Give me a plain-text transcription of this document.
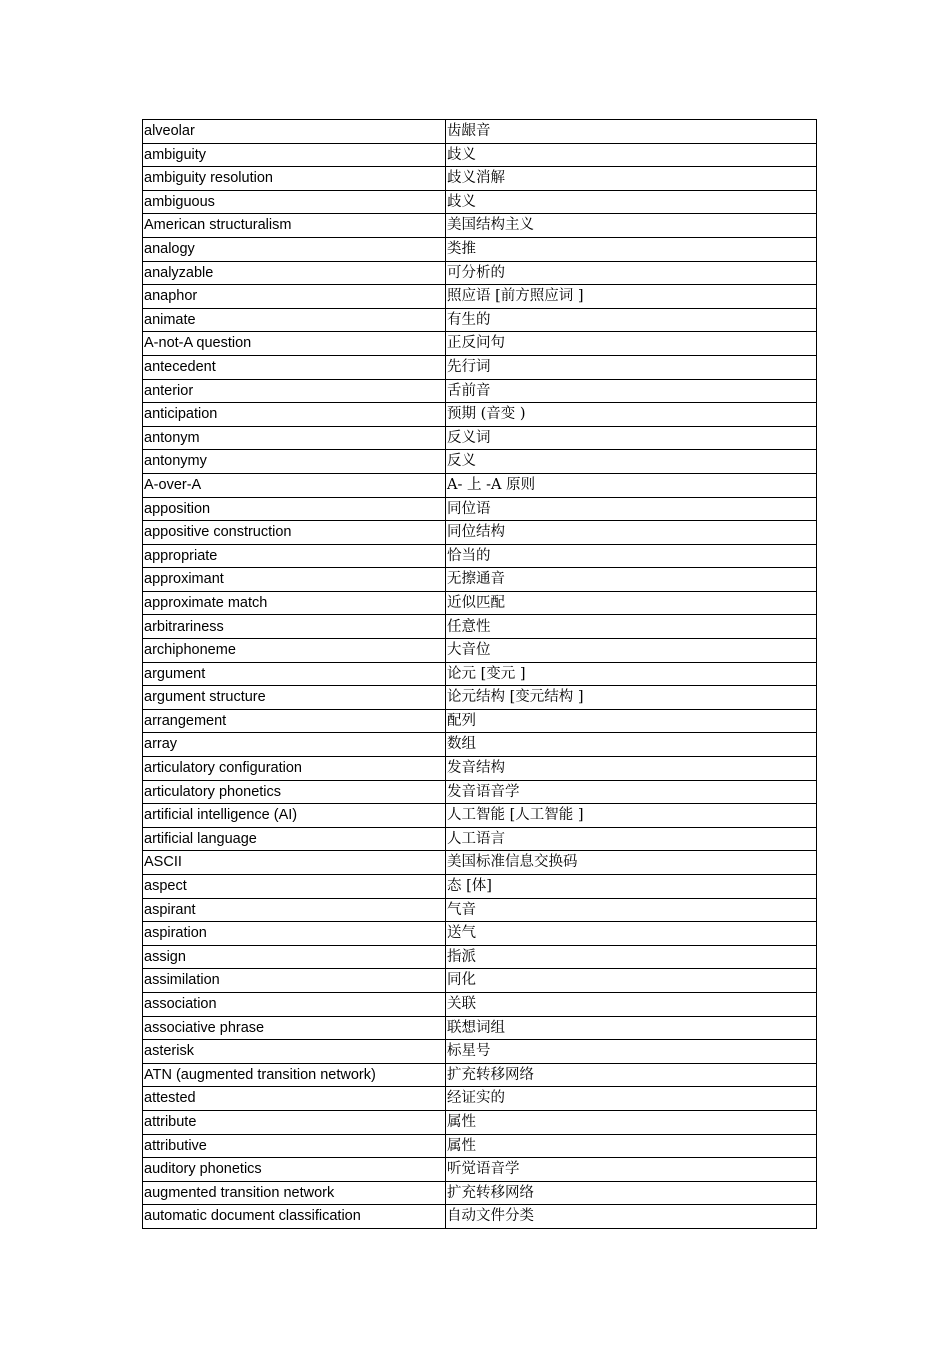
alveolar	齿龈音
ambiguity	歧义
ambiguity resolution	歧义消解
ambiguous	歧义
American structuralism	美国结构主义
analogy	类推
analyzable	可分析的
anaphor	照应语 [前方照应词 ]
animate	有生的
A-not-A question	正反问句
antecedent	先行词
anterior	舌前音
anticipation	预期 (音变 )
antonym	反义词
antonymy	反义
A-over-A	A- 上 -A 原则
apposition	同位语
appositive construction	同位结构
appropriate	恰当的
approximant	无擦通音
approximate match	近似匹配
arbitrariness	任意性
archiphoneme	大音位
argument	论元 [变元 ]
argument structure	论元结构 [变元结构 ]
arrangement	配列
array	数组
articulatory configuration	发音结构
articulatory phonetics	发音语音学
artificial intelligence (AI)	人工智能 [人工智能 ]
artificial language	人工语言
ASCII	美国标准信息交换码
aspect	态 [体]
aspirant	气音
aspiration	送气
assign	指派
assimilation	同化
association	关联
associative phrase	联想词组
asterisk	标星号
ATN (augmented transition network)	扩充转移网络
attested	经证实的
attribute	属性
attributive	属性
auditory phonetics	听觉语音学
augmented transition network	扩充转移网络
automatic document classification	自动文件分类
